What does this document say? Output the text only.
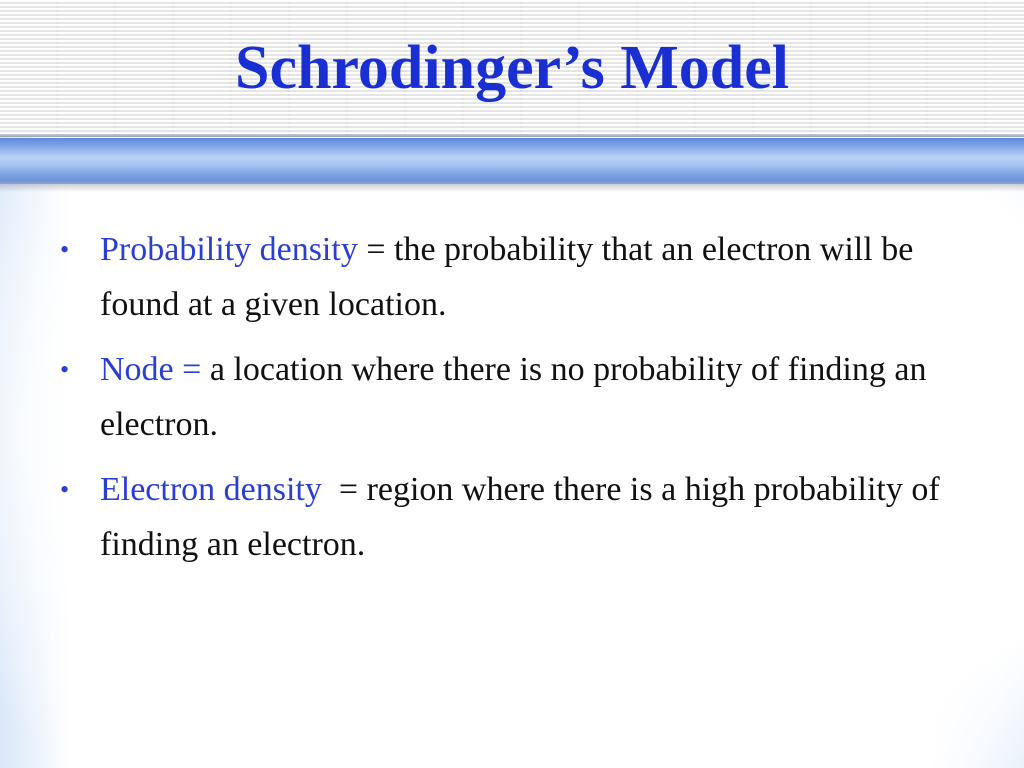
Schrodinger’s Model
• Probability density = the probability that an electron will be found at a given location.
• Node = a location where there is no probability of finding an electron.
• Electron density  = region where there is a high probability of finding an electron.
